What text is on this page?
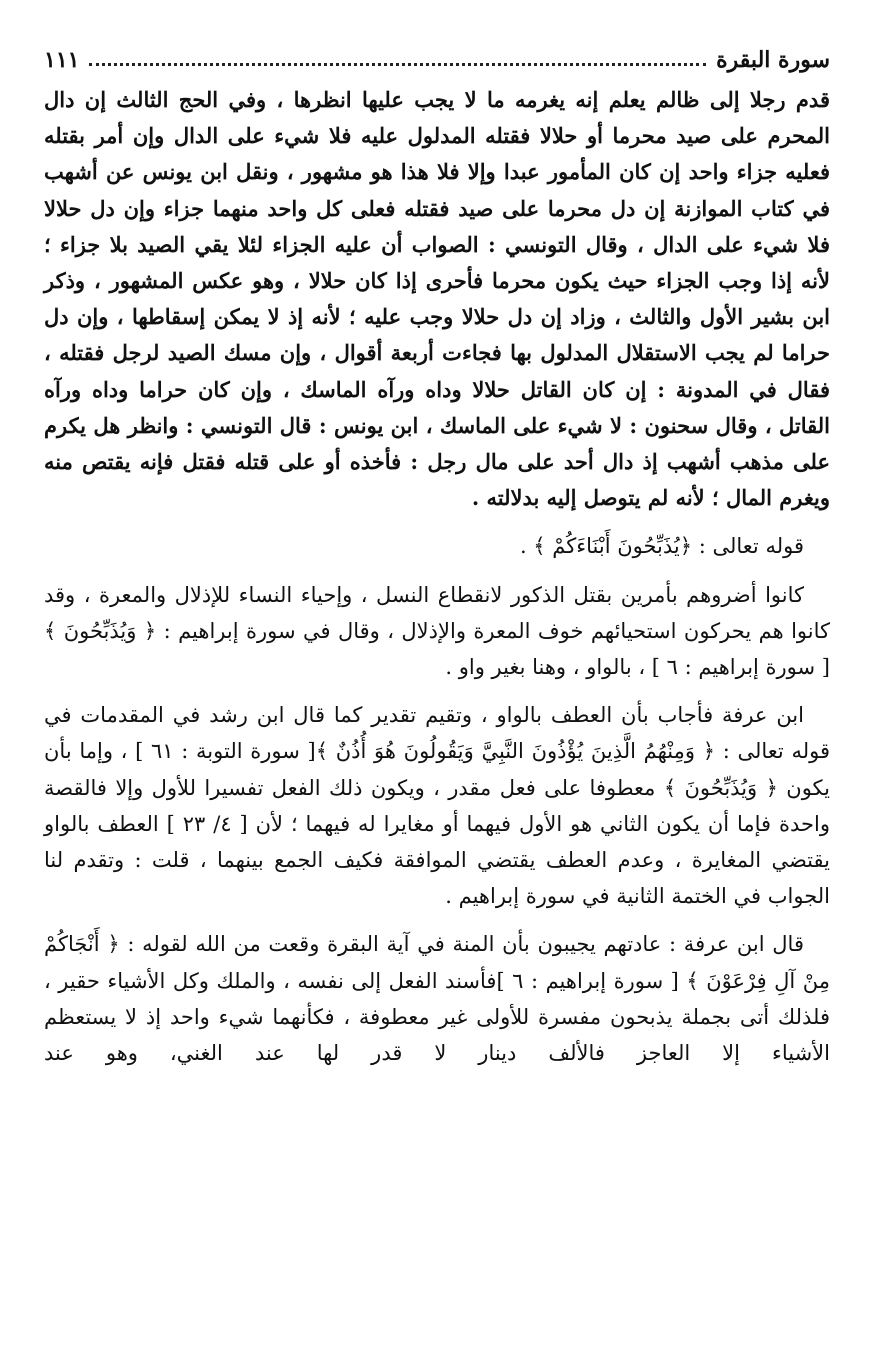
سورة البقرة
١١١

قدم رجلا إلى ظالم يعلم إنه يغرمه ما لا يجب عليها انظرها ، وفي الحج الثالث إن دال المحرم على صيد محرما أو حلالا فقتله المدلول عليه فلا شيء على الدال وإن أمر بقتله فعليه جزاء واحد إن كان المأمور عبدا وإلا فلا هذا هو مشهور ، ونقل ابن يونس عن أشهب في كتاب الموازنة إن دل محرما على صيد فقتله فعلى كل واحد منهما جزاء وإن دل حلالا فلا شيء على الدال ، وقال التونسي : الصواب أن عليه الجزاء لئلا يقي الصيد بلا جزاء ؛ لأنه إذا وجب الجزاء حيث يكون محرما فأحرى إذا كان حلالا ، وهو عكس المشهور ، وذكر ابن بشير الأول والثالث ، وزاد إن دل حلالا وجب عليه ؛ لأنه إذ لا يمكن إسقاطها ، وإن دل حراما لم يجب الاستقلال المدلول بها فجاءت أربعة أقوال ، وإن مسك الصيد لرجل فقتله ، فقال في المدونة : إن كان القاتل حلالا وداه ورآه الماسك ، وإن كان حراما وداه ورآه القاتل ، وقال سحنون : لا شيء على الماسك ، ابن يونس : قال التونسي : وانظر هل يكرم على مذهب أشهب إذ دال أحد على مال رجل : فأخذه أو على قتله فقتل فإنه يقتص منه ويغرم المال ؛ لأنه لم يتوصل إليه بدلالته .

قوله تعالى : ﴿يُذَبِّحُونَ أَبْنَاءَكُمْ ﴾ .

كانوا أضروهم بأمرين بقتل الذكور لانقطاع النسل ، وإحياء النساء للإذلال والمعرة ، وقد كانوا هم يحركون استحيائهم خوف المعرة والإذلال ، وقال في سورة إبراهيم : ﴿ وَيُذَبِّحُونَ ﴾ [ سورة إبراهيم : ٦ ] ، بالواو ، وهنا بغير واو .

ابن عرفة فأجاب بأن العطف بالواو ، وتقيم تقدير كما قال ابن رشد في المقدمات في قوله تعالى : ﴿ وَمِنْهُمُ الَّذِينَ يُؤْذُونَ النَّبِيَّ وَيَقُولُونَ هُوَ أُذُنٌ ﴾[ سورة التوبة : ٦١ ] ، وإما بأن يكون ﴿ وَيُذَبِّحُونَ ﴾ معطوفا على فعل مقدر ، ويكون ذلك الفعل تفسيرا للأول وإلا فالقصة واحدة فإما أن يكون الثاني هو الأول فيهما أو مغايرا له فيهما ؛ لأن [ ٤/ ٢٣ ] العطف بالواو يقتضي المغايرة ، وعدم العطف يقتضي الموافقة فكيف الجمع بينهما ، قلت : وتقدم لنا الجواب في الختمة الثانية في سورة إبراهيم .

قال ابن عرفة : عادتهم يجيبون بأن المنة في آية البقرة وقعت من الله لقوله : ﴿ أَنْجَاكُمْ مِنْ آلِ فِرْعَوْنَ ﴾ [ سورة إبراهيم : ٦ ]فأسند الفعل إلى نفسه ، والملك وكل الأشياء حقير ، فلذلك أتى بجملة يذبحون مفسرة للأولى غير معطوفة ، فكأنهما شيء واحد إذ لا يستعظم الأشياء إلا العاجز فالألف دينار لا قدر لها عند الغني، وهو عند
